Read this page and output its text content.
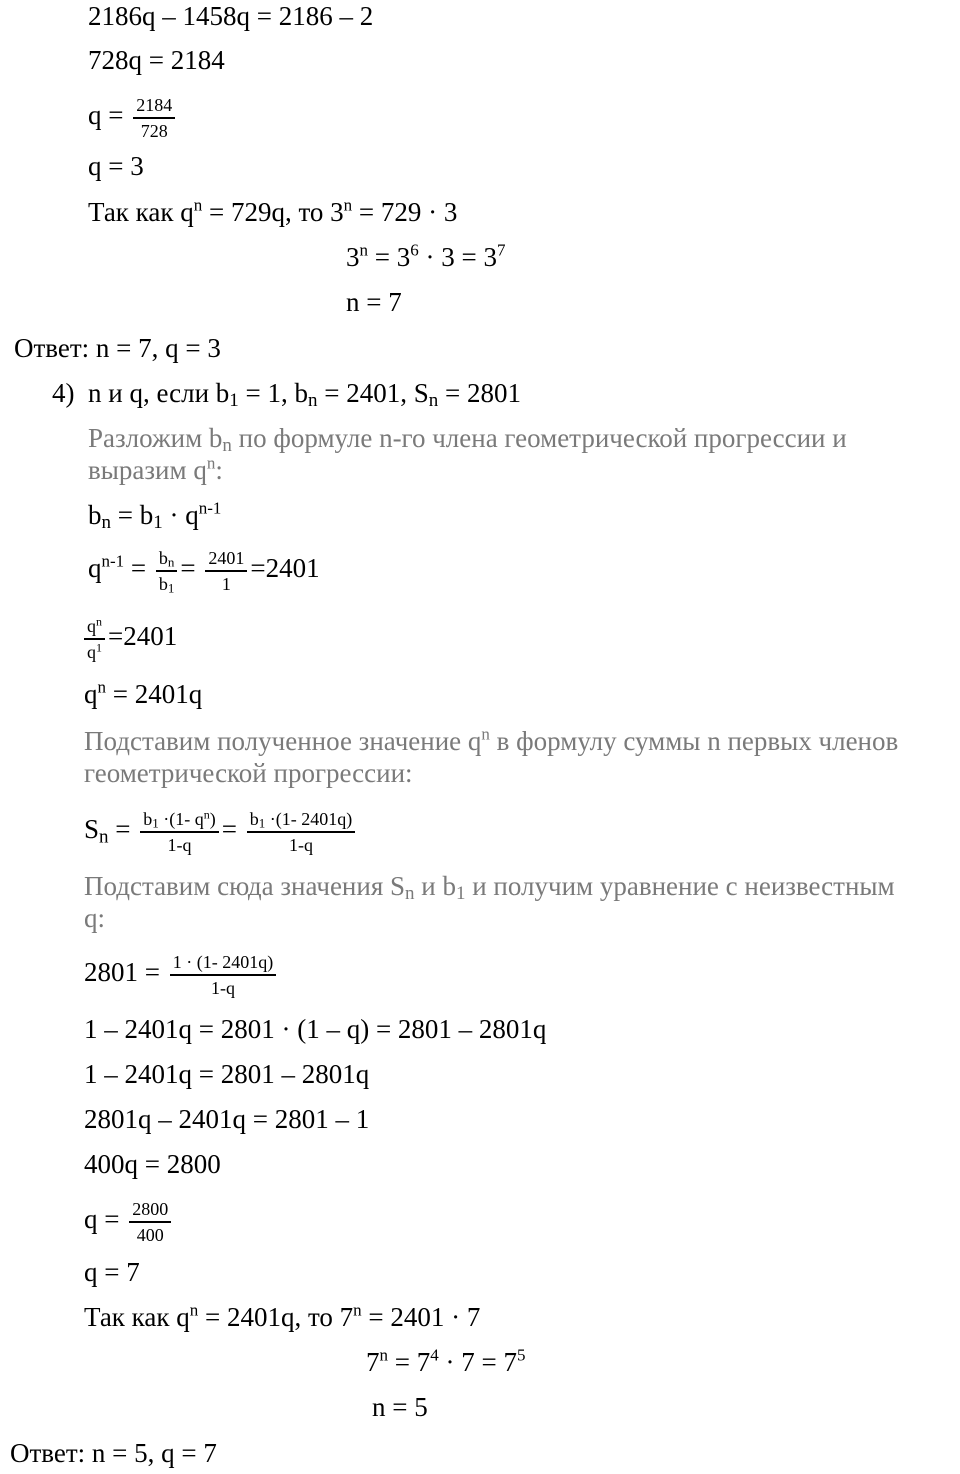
2186q – 1458q = 2186 – 2
728q = 2184
$q = \frac{2184}{728}$
q = 3
Так как $q^n = 729q$, то $3^n = 729 \cdot 3$
$3^n = 3^6 \cdot 3 = 3^7$
n = 7
Ответ: n = 7, q = 3
4) n и q, если $b_1 = 1$, $b_n = 2401$, $S_n = 2801$
Разложим $b_n$ по формуле n-го члена геометрической прогрессии и
выразим $q^n$:
$b_n = b_1 \cdot q^{n-1}$
$q^{n-1} = \frac{bn}{b1} = \frac{2401}{1} =2401$
$\frac{q^n}{q^1} =2401$
$q^n = 2401q$
Подставим полученное значение $q^n$ в формулу суммы n первых членов
геометрической прогрессии:
$S_n = \frac{b1 \cdot(1- q^n)}{1-q} = \frac{b1 \cdot(1- 2401q)}{1-q}$
Подставим сюда значения $S_n$ и $b_1$ и получим уравнение с неизвестным
q:
$2801 = \frac{1 \cdot (1- 2401q)}{1-q}$
1 – 2401q = 2801 · (1 – q) = 2801 – 2801q
1 – 2401q = 2801 – 2801q
2801q – 2401q = 2801 – 1
400q = 2800
$q = \frac{2800}{400}$
q = 7
Так как $q^n = 2401q$, то $7^n = 2401 \cdot 7$
$7^n = 7^4 \cdot 7 = 7^5$
n = 5
Ответ: n = 5, q = 7
